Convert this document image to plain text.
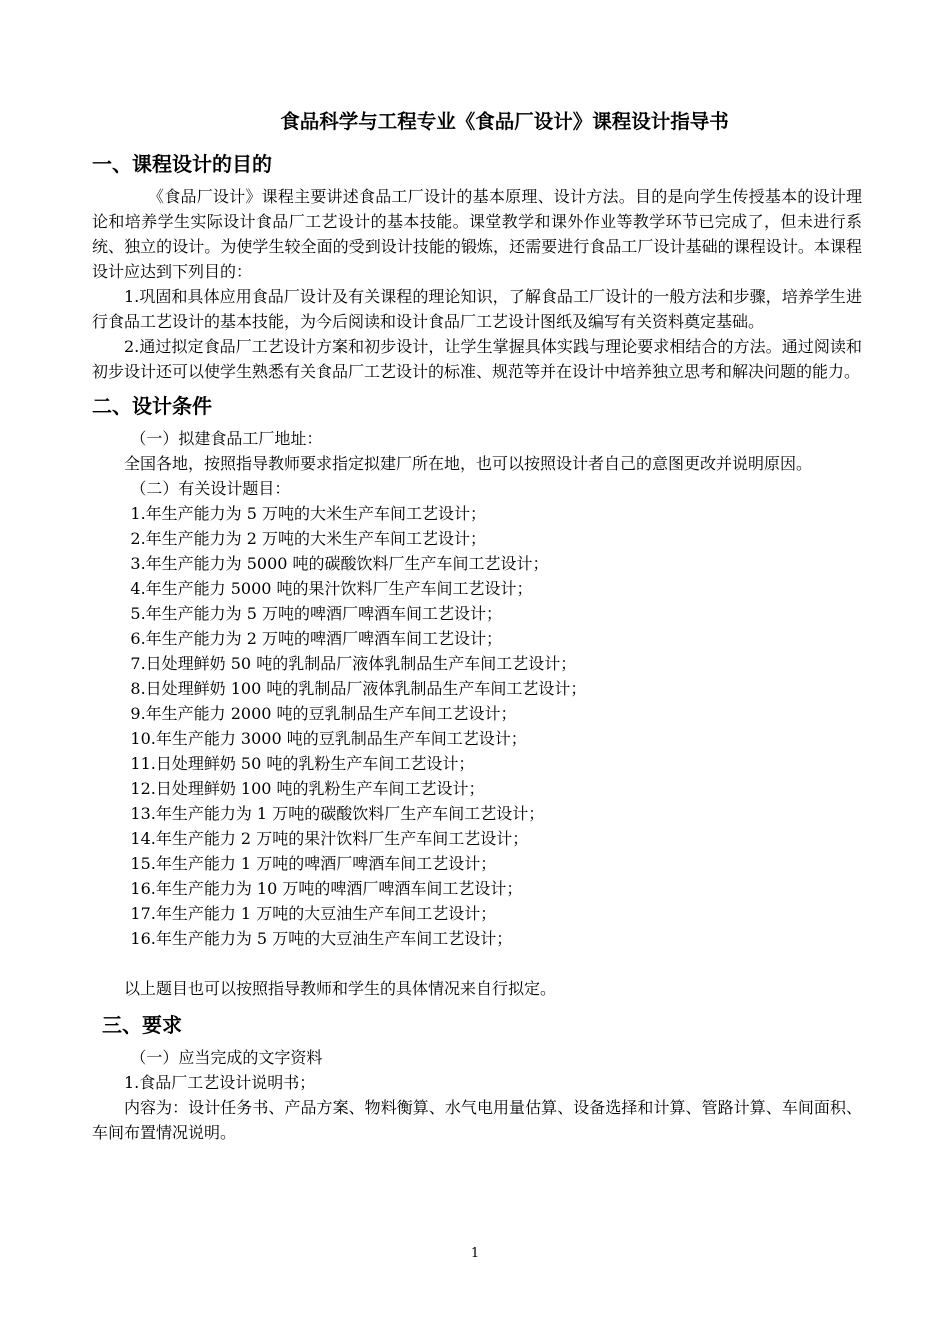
食品科学与工程专业《食品厂设计》课程设计指导书
一、课程设计的目的

《食品厂设计》课程主要讲述食品工厂设计的基本原理、设计方法。目的是向学生传授基本的设计理论和培养学生实际设计食品厂工艺设计的基本技能。课堂教学和课外作业等教学环节已完成了，但未进行系统、独立的设计。为使学生较全面的受到设计技能的锻炼，还需要进行食品工厂设计基础的课程设计。本课程设计应达到下列目的：

1.巩固和具体应用食品厂设计及有关课程的理论知识，了解食品工厂设计的一般方法和步骤，培养学生进行食品工艺设计的基本技能，为今后阅读和设计食品厂工艺设计图纸及编写有关资料奠定基础。

2.通过拟定食品厂工艺设计方案和初步设计，让学生掌握具体实践与理论要求相结合的方法。通过阅读和初步设计还可以使学生熟悉有关食品厂工艺设计的标准、规范等并在设计中培养独立思考和解决问题的能力。

二、设计条件

（一）拟建食品工厂地址：

全国各地，按照指导教师要求指定拟建厂所在地，也可以按照设计者自己的意图更改并说明原因。

（二）有关设计题目：

1.年生产能力为 5 万吨的大米生产车间工艺设计；
2.年生产能力为 2 万吨的大米生产车间工艺设计；
3.年生产能力为 5000 吨的碳酸饮料厂生产车间工艺设计；
4.年生产能力 5000 吨的果汁饮料厂生产车间工艺设计；
5.年生产能力为 5 万吨的啤酒厂啤酒车间工艺设计；
6.年生产能力为 2 万吨的啤酒厂啤酒车间工艺设计；
7.日处理鲜奶 50 吨的乳制品厂液体乳制品生产车间工艺设计；
8.日处理鲜奶 100 吨的乳制品厂液体乳制品生产车间工艺设计；
9.年生产能力 2000 吨的豆乳制品生产车间工艺设计；
10.年生产能力 3000 吨的豆乳制品生产车间工艺设计；
11.日处理鲜奶 50 吨的乳粉生产车间工艺设计；
12.日处理鲜奶 100 吨的乳粉生产车间工艺设计；
13.年生产能力为 1 万吨的碳酸饮料厂生产车间工艺设计；
14.年生产能力 2 万吨的果汁饮料厂生产车间工艺设计；
15.年生产能力 1 万吨的啤酒厂啤酒车间工艺设计；
16.年生产能力为 10 万吨的啤酒厂啤酒车间工艺设计；
17.年生产能力 1 万吨的大豆油生产车间工艺设计；
16.年生产能力为 5 万吨的大豆油生产车间工艺设计；

以上题目也可以按照指导教师和学生的具体情况来自行拟定。

三、要求

（一）应当完成的文字资料

1.食品厂工艺设计说明书；

内容为：设计任务书、产品方案、物料衡算、水气电用量估算、设备选择和计算、管路计算、车间面积、车间布置情况说明。

1
